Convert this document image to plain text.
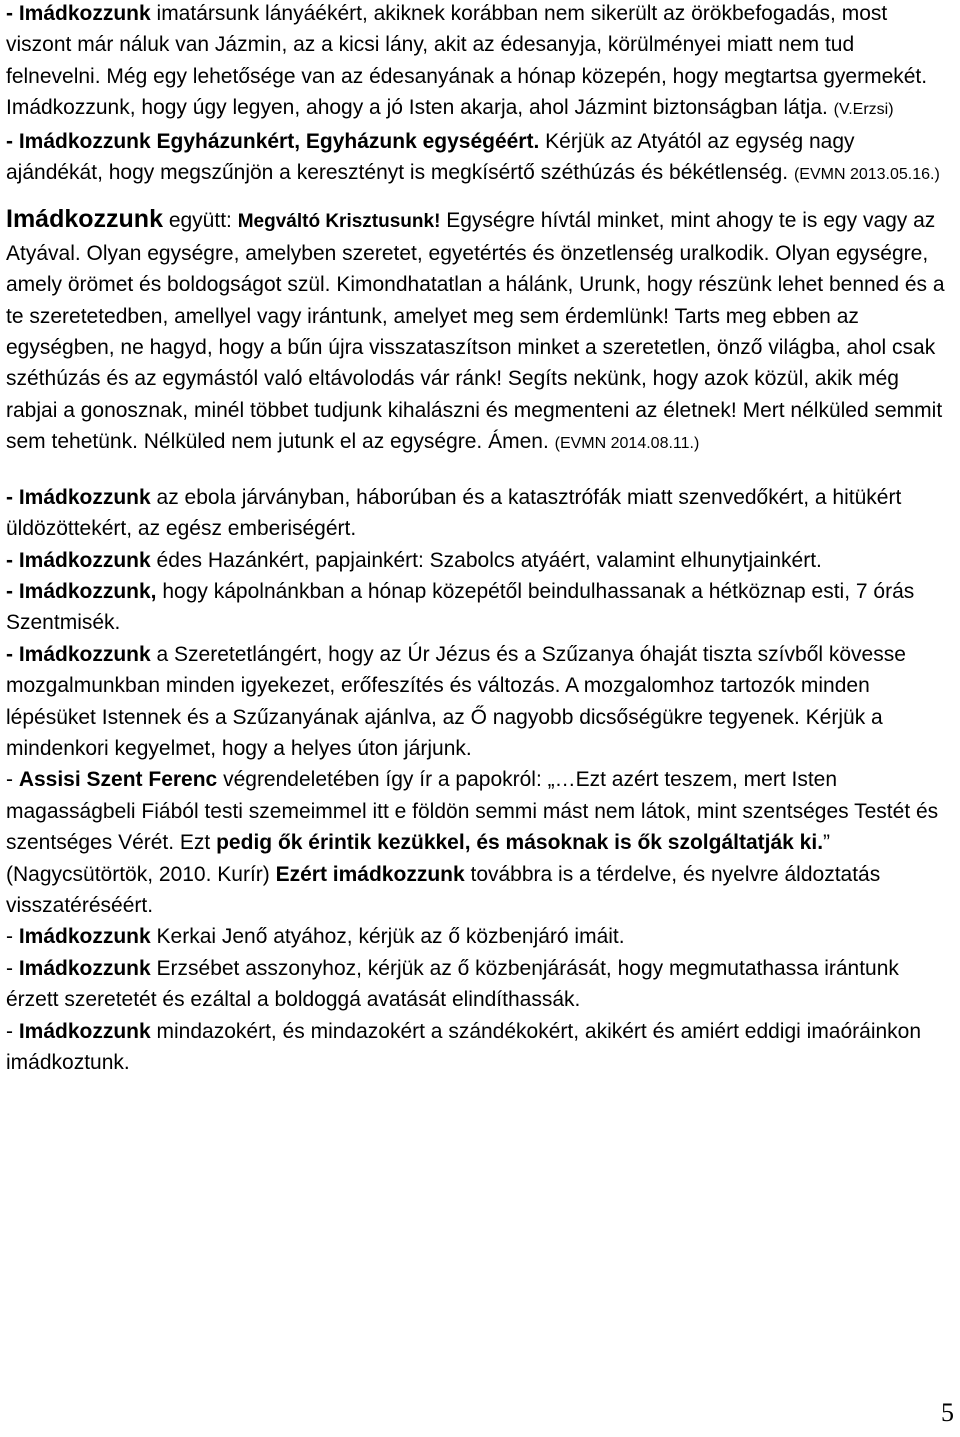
- Imádkozzunk imatársunk lányáékért, akiknek korábban nem sikerült az örökbefogadás, most viszont már náluk van Jázmin, az a kicsi lány, akit az édesanyja, körülményei miatt nem tud felnevelni. Még egy lehetősége van az édesanyának a hónap közepén, hogy megtartsa gyermekét. Imádkozzunk, hogy úgy legyen, ahogy a jó Isten akarja, ahol Jázmint biztonságban látja. (V.Erzsi)

- Imádkozzunk Egyházunkért, Egyházunk egységéért. Kérjük az Atyától az egység nagy ajándékát, hogy megszűnjön a keresztényt is megkísértő széthúzás és békétlenség. (EVMN 2013.05.16.)

Imádkozzunk együtt: Megváltó Krisztusunk! Egységre hívtál minket, mint ahogy te is egy vagy az Atyával. Olyan egységre, amelyben szeretet, egyetértés és önzetlenség uralkodik. Olyan egységre, amely örömet és boldogságot szül. Kimondhatatlan a hálánk, Urunk, hogy részünk lehet benned és a te szeretetedben, amellyel vagy irántunk, amelyet meg sem érdemlünk! Tarts meg ebben az egységben, ne hagyd, hogy a bűn újra visszataszítson minket a szeretetlen, önző világba, ahol csak széthúzás és az egymástól való eltávolodás vár ránk! Segíts nekünk, hogy azok közül, akik még rabjai a gonosznak, minél többet tudjunk kihalászni és megmenteni az életnek! Mert nélküled semmit sem tehetünk. Nélküled nem jutunk el az egységre. Ámen. (EVMN 2014.08.11.)

- Imádkozzunk az ebola járványban, háborúban és a katasztrófák miatt szenvedőkért, a hitükért üldözöttekért, az egész emberiségért.

- Imádkozzunk édes Hazánkért, papjainkért: Szabolcs atyáért, valamint elhunytjainkért.

- Imádkozzunk, hogy kápolnánkban a hónap közepétől beindulhassanak a hétköznap esti, 7 órás Szentmisék.

- Imádkozzunk a Szeretetlángért, hogy az Úr Jézus és a Szűzanya óhaját tiszta szívből kövesse mozgalmunkban minden igyekezet, erőfeszítés és változás. A mozgalomhoz tartozók minden lépésüket Istennek és a Szűzanyának ajánlva, az Ő nagyobb dicsőségükre tegyenek. Kérjük a mindenkori kegyelmet, hogy a helyes úton járjunk.

- Assisi Szent Ferenc végrendeletében így ír a papokról: „…Ezt azért teszem, mert Isten magasságbeli Fiából testi szemeimmel itt e földön semmi mást nem látok, mint szentséges Testét és szentséges Vérét. Ezt pedig ők érintik kezükkel, és másoknak is ők szolgáltatják ki.” (Nagycsütörtök, 2010. Kurír) Ezért imádkozzunk továbbra is a térdelve, és nyelvre áldoztatás visszatéréséért.

- Imádkozzunk Kerkai Jenő atyához, kérjük az ő közbenjáró imáit.

- Imádkozzunk Erzsébet asszonyhoz, kérjük az ő közbenjárását, hogy megmutathassa irántunk érzett szeretetét és ezáltal a boldoggá avatását elindíthassák.

- Imádkozzunk mindazokért, és mindazokért a szándékokért, akikért és amiért eddigi imaóráinkon imádkoztunk.

5
